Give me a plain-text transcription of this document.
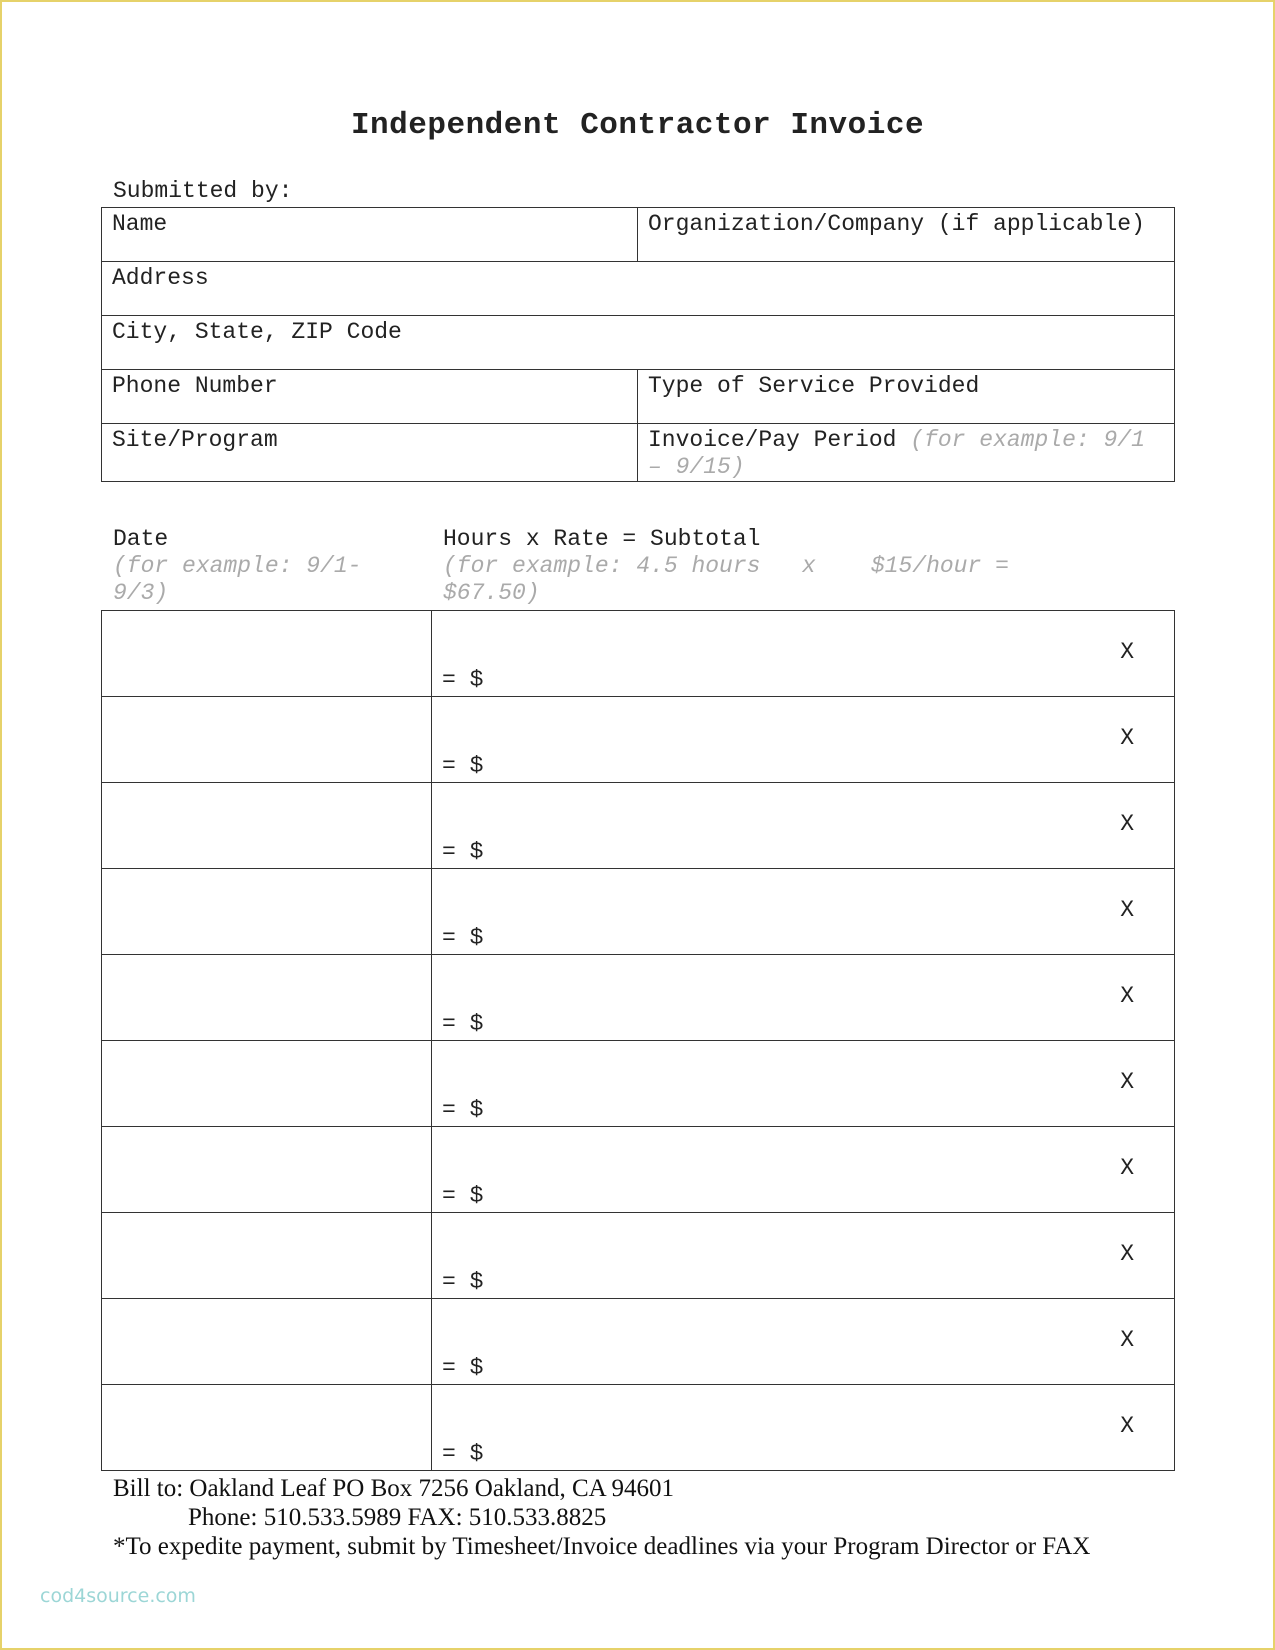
Independent Contractor Invoice
Submitted by:
Name	Organization/Company (if applicable)
Address	
City, State, ZIP Code	
Phone Number	Type of Service Provided
Site/Program	Invoice/Pay Period (for example: 9/1 – 9/15)
Date
(for example: 9/1-9/3)
Hours x Rate = Subtotal
(for example: 4.5 hours   x    $15/hour = $67.50)

	X
= $

	X
= $

	X
= $

	X
= $

	X
= $

	X
= $

	X
= $

	X
= $

	X
= $

	X
= $
Bill to: Oakland Leaf PO Box 7256 Oakland, CA 94601
Phone: 510.533.5989 FAX: 510.533.8825
*To expedite payment, submit by Timesheet/Invoice deadlines via your Program Director or FAX
cod4source.com
